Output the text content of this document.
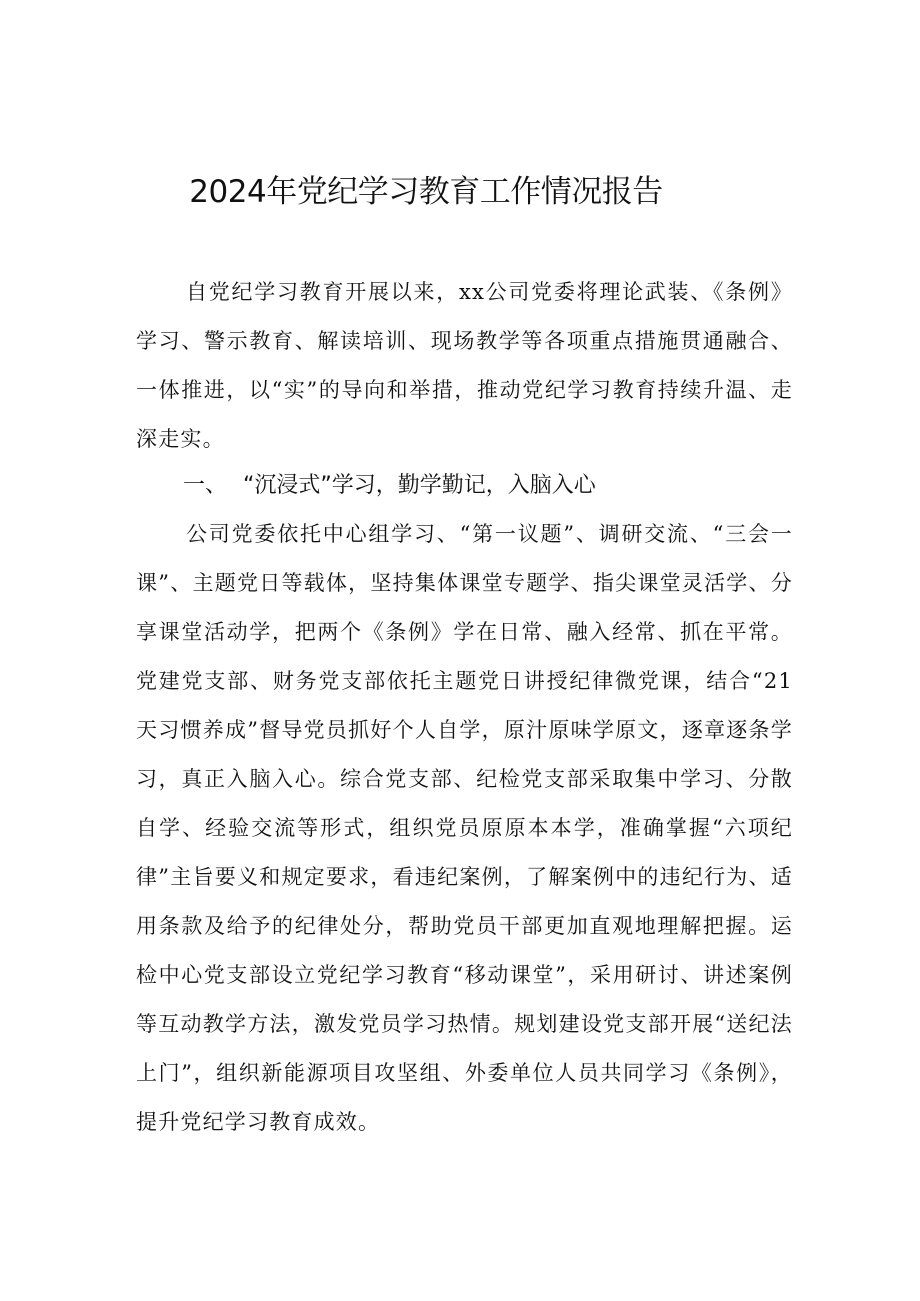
2024年党纪学习教育工作情况报告

自党纪学习教育开展以来，xx公司党委将理论武装、《条例》学习、警示教育、解读培训、现场教学等各项重点措施贯通融合、一体推进，以“实”的导向和举措，推动党纪学习教育持续升温、走深走实。

一、 “沉浸式”学习，勤学勤记，入脑入心

公司党委依托中心组学习、“第一议题”、调研交流、“三会一课”、主题党日等载体，坚持集体课堂专题学、指尖课堂灵活学、分享课堂活动学，把两个《条例》学在日常、融入经常、抓在平常。党建党支部、财务党支部依托主题党日讲授纪律微党课，结合“21天习惯养成”督导党员抓好个人自学，原汁原味学原文，逐章逐条学习，真正入脑入心。综合党支部、纪检党支部采取集中学习、分散自学、经验交流等形式，组织党员原原本本学，准确掌握“六项纪律”主旨要义和规定要求，看违纪案例，了解案例中的违纪行为、适用条款及给予的纪律处分，帮助党员干部更加直观地理解把握。运检中心党支部设立党纪学习教育“移动课堂”，采用研讨、讲述案例等互动教学方法，激发党员学习热情。规划建设党支部开展“送纪法上门”，组织新能源项目攻坚组、外委单位人员共同学习《条例》，提升党纪学习教育成效。
